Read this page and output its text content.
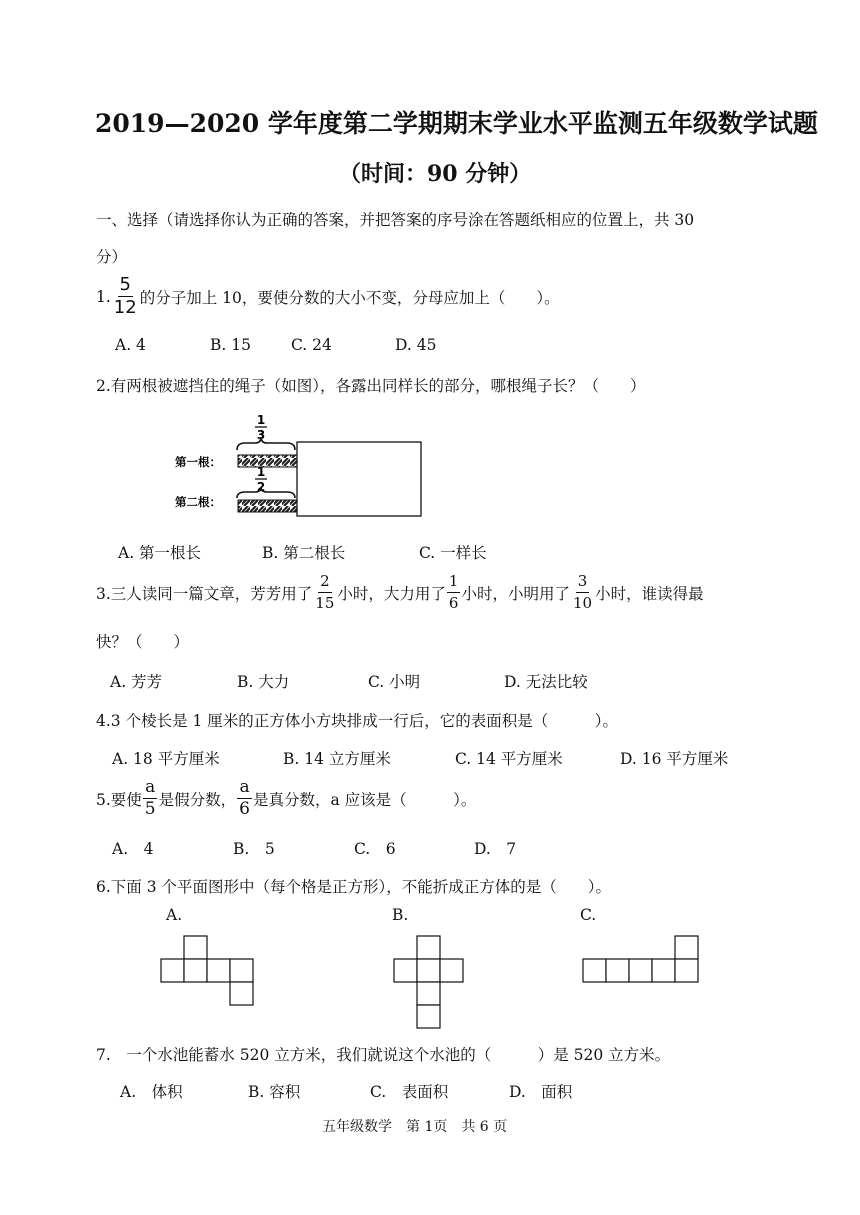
2019—2020 学年度第二学期期末学业水平监测五年级数学试题
（时间：90 分钟）
一、选择（请选择你认为正确的答案，并把答案的序号涂在答题纸相应的位置上，共 30
分）
1. $\frac{5}{12}$ 的分子加上 10，要使分数的大小不变，分母应加上（　　）。
A. 4	B. 15	C. 24	D. 45
2.有两根被遮挡住的绳子（如图），各露出同样长的部分，哪根绳子长？（　　）
1
3
第一根：
1
2
第二根：
A. 第一根长	B. 第二根长	C. 一样长
3.三人读同一篇文章，芳芳用了 $\frac{2}{15}$ 小时，大力用了 $\frac{1}{6}$ 小时，小明用了 $\frac{3}{10}$ 小时，谁读得最
快？（　　）
A. 芳芳	B. 大力	C. 小明	D. 无法比较
4.3 个棱长是 1 厘米的正方体小方块排成一行后，它的表面积是（　　　）。
A. 18 平方厘米	B. 14 立方厘米	C. 14 平方厘米	D. 16 平方厘米
5.要使 $\frac{a}{5}$ 是假分数， $\frac{a}{6}$ 是真分数，a 应该是（　　　）。
A.　4	B.　5	C.　6	D.　7
6.下面 3 个平面图形中（每个格是正方形），不能折成正方体的是（　　）。
A.	B.	C.
7.　一个水池能蓄水 520 立方米，我们就说这个水池的（　　　）是 520 立方米。
A.　体积	B. 容积	C.　表面积	D.　面积
五年级数学　第 1页　共 6 页
